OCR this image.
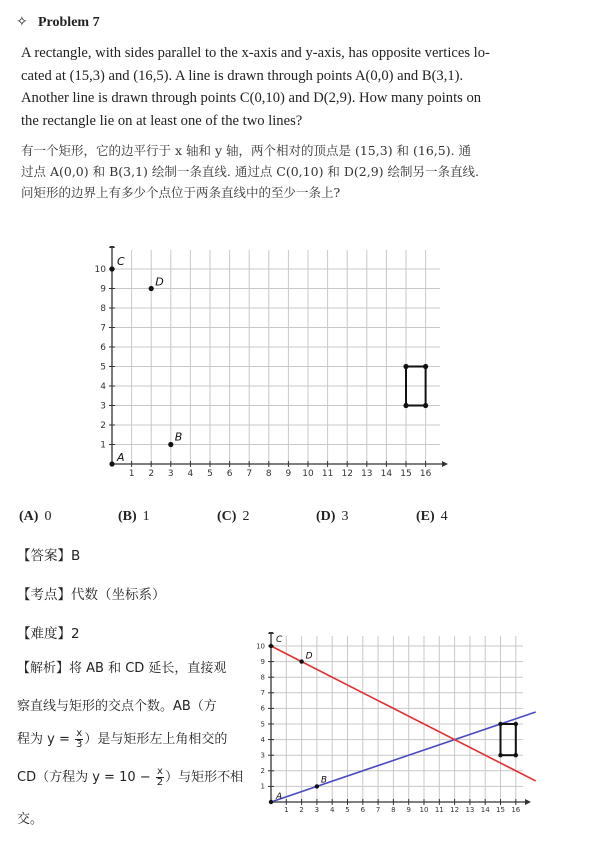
✧ Problem 7

A rectangle, with sides parallel to the x-axis and y-axis, has opposite vertices lo-

cated at (15,3) and (16,5). A line is drawn through points A(0,0) and B(3,1).

Another line is drawn through points C(0,10) and D(2,9). How many points on

the rectangle lie on at least one of the two lines?

有一个矩形，它的边平行于 x 轴和 y 轴，两个相对的顶点是 (15,3) 和 (16,5). 通

过点 A(0,0) 和 B(3,1) 绘制一条直线. 通过点 C(0,10) 和 D(2,9) 绘制另一条直线.

问矩形的边界上有多少个点位于两条直线中的至少一条上?

1 2 3 4 5 6 7 8 9 10 11 12 13 14 15 16
1
2
3
4
5
6
7
8
9
10
A
B
C
D
(A) 0	(B) 1	(C) 2	(D) 3	(E) 4
【答案】B
【考点】代数（坐标系）
【难度】2
【解析】将 AB 和 CD 延长，直接观
察直线与矩形的交点个数。AB（方
程为 $y = \frac{x}{3}$ ）是与矩形左上角相交的
CD（方程为 $y = 10 - \frac{x}{2}$ ）与矩形不相
交。
1 2 3 4 5 6 7 8 9 10 11 12 13 14 15 16
1
2
3
4
5
6
7
8
9
10
A
B
C
D
